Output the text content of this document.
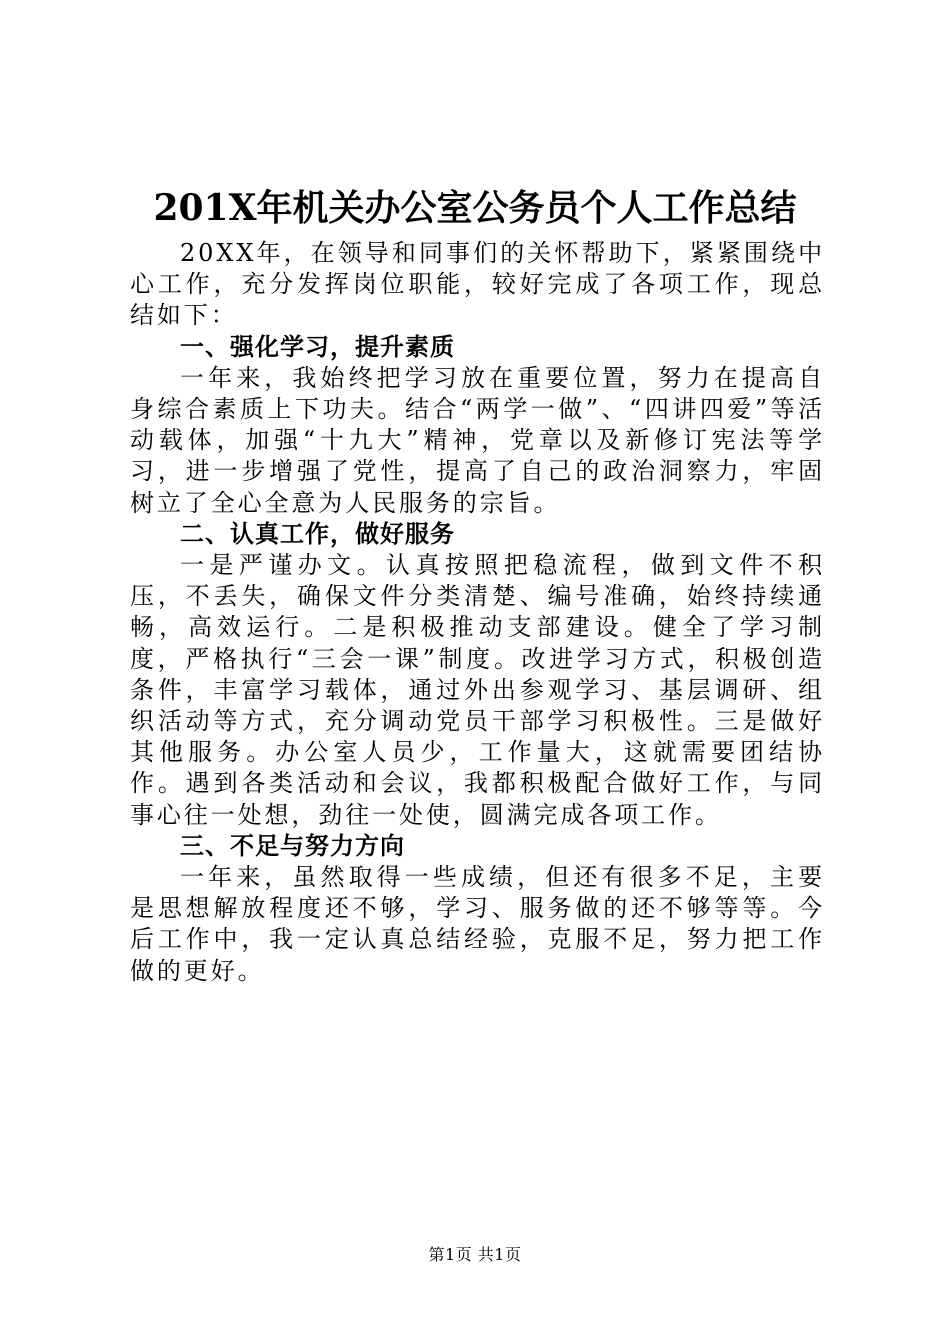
201X年机关办公室公务员个人工作总结

20XX年，在领导和同事们的关怀帮助下，紧紧围绕中心工作，充分发挥岗位职能，较好完成了各项工作，现总结如下：

一、强化学习，提升素质

一年来，我始终把学习放在重要位置，努力在提高自身综合素质上下功夫。结合“两学一做”、“四讲四爱”等活动载体，加强“十九大”精神，党章以及新修订宪法等学习，进一步增强了党性，提高了自己的政治洞察力，牢固树立了全心全意为人民服务的宗旨。

二、认真工作，做好服务

一是严谨办文。认真按照把稳流程，做到文件不积压，不丢失，确保文件分类清楚、编号准确，始终持续通畅，高效运行。二是积极推动支部建设。健全了学习制度，严格执行“三会一课”制度。改进学习方式，积极创造条件，丰富学习载体，通过外出参观学习、基层调研、组织活动等方式，充分调动党员干部学习积极性。三是做好其他服务。办公室人员少，工作量大，这就需要团结协作。遇到各类活动和会议，我都积极配合做好工作，与同事心往一处想，劲往一处使，圆满完成各项工作。

三、不足与努力方向

一年来，虽然取得一些成绩，但还有很多不足，主要是思想解放程度还不够，学习、服务做的还不够等等。今后工作中，我一定认真总结经验，克服不足，努力把工作做的更好。

第1页 共1页
